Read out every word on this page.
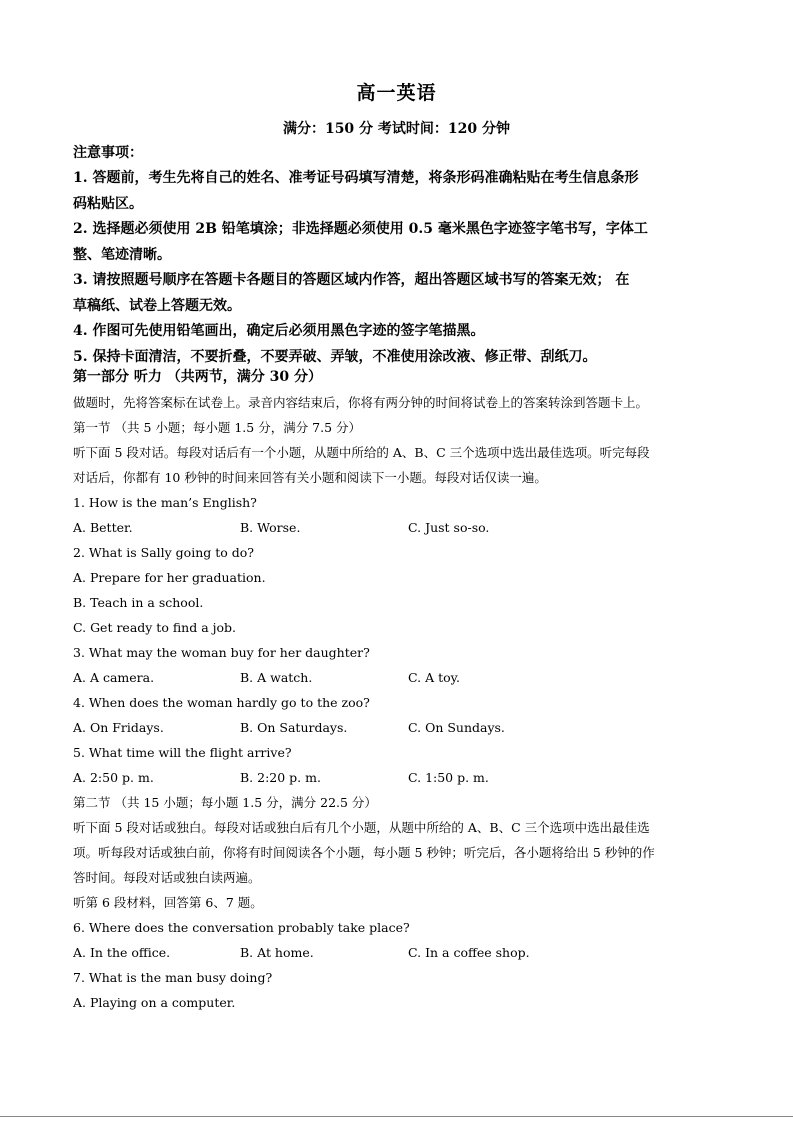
高一英语
满分：150 分 考试时间：120 分钟

注意事项：

1. 答题前，考生先将自己的姓名、准考证号码填写清楚，将条形码准确粘贴在考生信息条形

码粘贴区。

2. 选择题必须使用 2B 铅笔填涂；非选择题必须使用 0.5 毫米黑色字迹签字笔书写，字体工

整、笔迹清晰。

3. 请按照题号顺序在答题卡各题目的答题区域内作答，超出答题区域书写的答案无效； 在

草稿纸、试卷上答题无效。

4. 作图可先使用铅笔画出，确定后必须用黑色字迹的签字笔描黑。

5. 保持卡面清洁，不要折叠，不要弄破、弄皱，不准使用涂改液、修正带、刮纸刀。

第一部分 听力 （共两节，满分 30 分）

做题时，先将答案标在试卷上。录音内容结束后，你将有两分钟的时间将试卷上的答案转涂到答题卡上。

第一节 （共 5 小题；每小题 1.5 分，满分 7.5 分）

听下面 5 段对话。每段对话后有一个小题，从题中所给的 A、B、C 三个选项中选出最佳选项。听完每段

对话后，你都有 10 秒钟的时间来回答有关小题和阅读下一小题。每段对话仅读一遍。

1. How is the man’s English?

A. Better.	B. Worse.	C. Just so-so.

2. What is Sally going to do?

A. Prepare for her graduation.

B. Teach in a school.

C. Get ready to find a job.

3. What may the woman buy for her daughter?

A. A camera.	B. A watch.	C. A toy.

4. When does the woman hardly go to the zoo?

A. On Fridays.	B. On Saturdays.	C. On Sundays.

5. What time will the flight arrive?

A. 2:50 p. m.	B. 2:20 p. m.	C. 1:50 p. m.

第二节 （共 15 小题；每小题 1.5 分，满分 22.5 分）

听下面 5 段对话或独白。每段对话或独白后有几个小题，从题中所给的 A、B、C 三个选项中选出最佳选

项。听每段对话或独白前，你将有时间阅读各个小题，每小题 5 秒钟；听完后，各小题将给出 5 秒钟的作

答时间。每段对话或独白读两遍。

听第 6 段材料，回答第 6、7 题。

6. Where does the conversation probably take place?

A. In the office.	B. At home.	C. In a coffee shop.

7. What is the man busy doing?

A. Playing on a computer.
